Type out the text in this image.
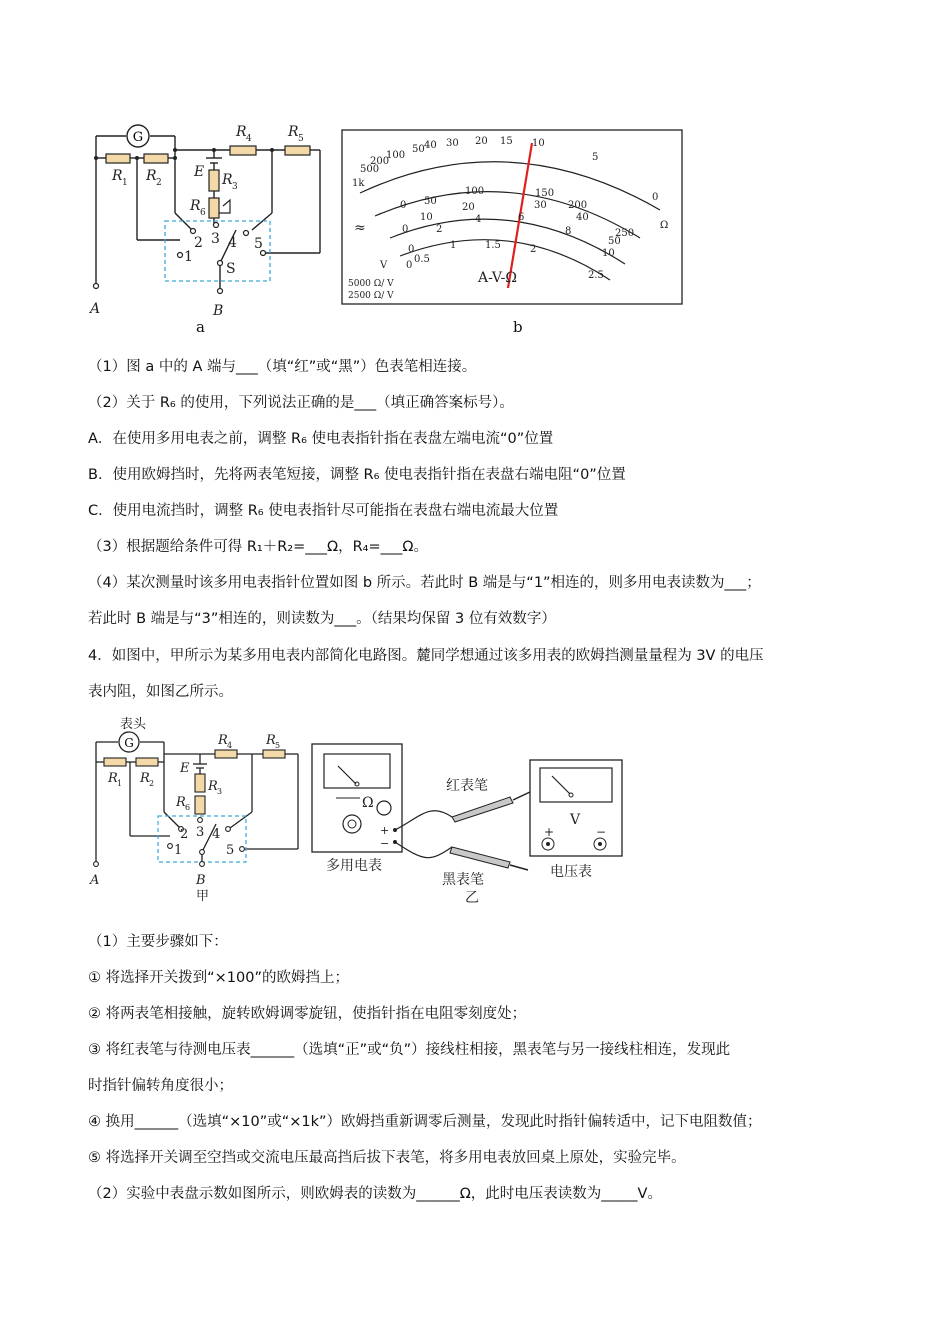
G
R 1 R 2
R 4	R 5
E R 3
R 6
A	B
1
2 3 4 5
S
a
1k
500
200
100
50 40 30 20 15 10
5
0
Ω
0 50
100	150
200
250
0
10
20	30
40
50
0
2
4	6
8
10
0
0.5
1	1.5	2
2.5
≈
V
5000 Ω/ V
2500 Ω/ V
A-V-Ω
b
（1）图 a 中的 A 端与___（填“红”或“黑”）色表笔相连接。
（2）关于 R₆ 的使用，下列说法正确的是___（填正确答案标号）。
A．在使用多用电表之前，调整 R₆ 使电表指针指在表盘左端电流“0”位置
B．使用欧姆挡时，先将两表笔短接，调整 R₆ 使电表指针指在表盘右端电阻“0”位置
C．使用电流挡时，调整 R₆ 使电表指针尽可能指在表盘右端电流最大位置
（3）根据题给条件可得 R₁＋R₂=___Ω，R₄=___Ω。
（4）某次测量时该多用电表指针位置如图 b 所示。若此时 B 端是与“1”相连的，则多用电表读数为___；
若此时 B 端是与“3”相连的，则读数为___。（结果均保留 3 位有效数字）
4．如图中，甲所示为某多用电表内部简化电路图。麓同学想通过该多用表的欧姆挡测量量程为 3V 的电压
表内阻，如图乙所示。
G
表头
1
2 3 4
5
甲
R 1 R 2
R 4	R 5
E
R 3
R 6
A	B
Ω
+
−
多用电表
红表笔
黑表笔
乙
V
+	−
电压表
（1）主要步骤如下：
① 将选择开关拨到“×100”的欧姆挡上；
② 将两表笔相接触，旋转欧姆调零旋钮，使指针指在电阻零刻度处；
③ 将红表笔与待测电压表______（选填“正”或“负”）接线柱相接，黑表笔与另一接线柱相连，发现此
时指针偏转角度很小；
④ 换用______（选填“×10”或“×1k”）欧姆挡重新调零后测量，发现此时指针偏转适中，记下电阻数值；
⑤ 将选择开关调至空挡或交流电压最高挡后拔下表笔，将多用电表放回桌上原处，实验完毕。
（2）实验中表盘示数如图所示，则欧姆表的读数为______Ω，此时电压表读数为_____V。
